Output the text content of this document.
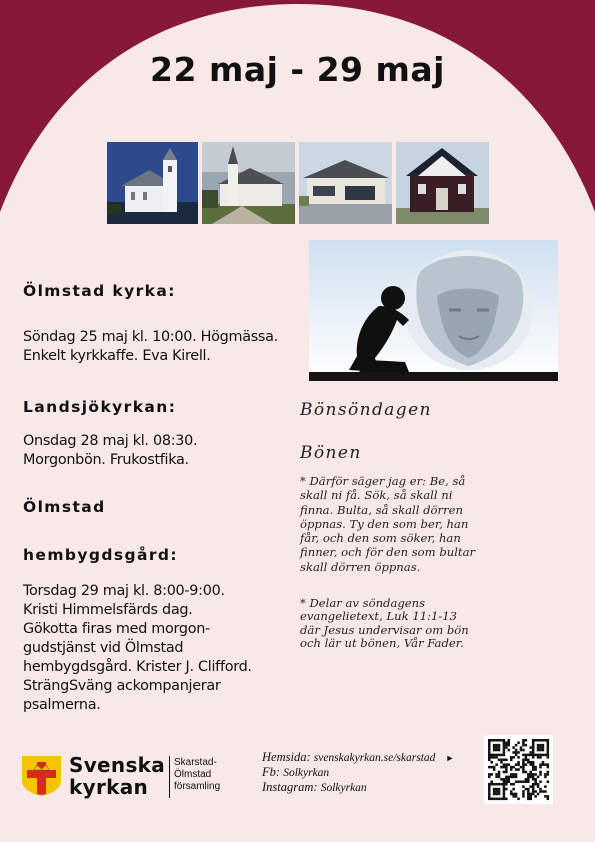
22 maj - 29 maj
Ölmstad kyrka:
Söndag 25 maj kl. 10:00. Högmässa.
Enkelt kyrkkaffe. Eva Kirell.
Landsjökyrkan:
Onsdag 28 maj kl. 08:30.
Morgonbön. Frukostfika.
Ölmstad
hembygdsgård:
Torsdag 29 maj kl. 8:00-9:00.
Kristi Himmelsfärds dag.
Gökotta firas med morgon-
gudstjänst vid Ölmstad
hembygdsgård. Krister J. Clifford.
SträngSväng ackompanjerar
psalmerna.
Bönsöndagen
Bönen
* Därför säger jag er: Be, så
skall ni få. Sök, så skall ni
finna. Bulta, så skall dörren
öppnas. Ty den som ber, han
får, och den som söker, han
finner, och för den som bultar
skall dörren öppnas.
* Delar av söndagens
evangelietext, Luk 11:1-13
där Jesus undervisar om bön
och lär ut bönen, Vår Fader.
Svenska
kyrkan
Skarstad-
Ölmstad
församling
Hemsida: svenskakyrkan.se/skarstad ►
Fb: Solkyrkan
Instagram: Solkyrkan
